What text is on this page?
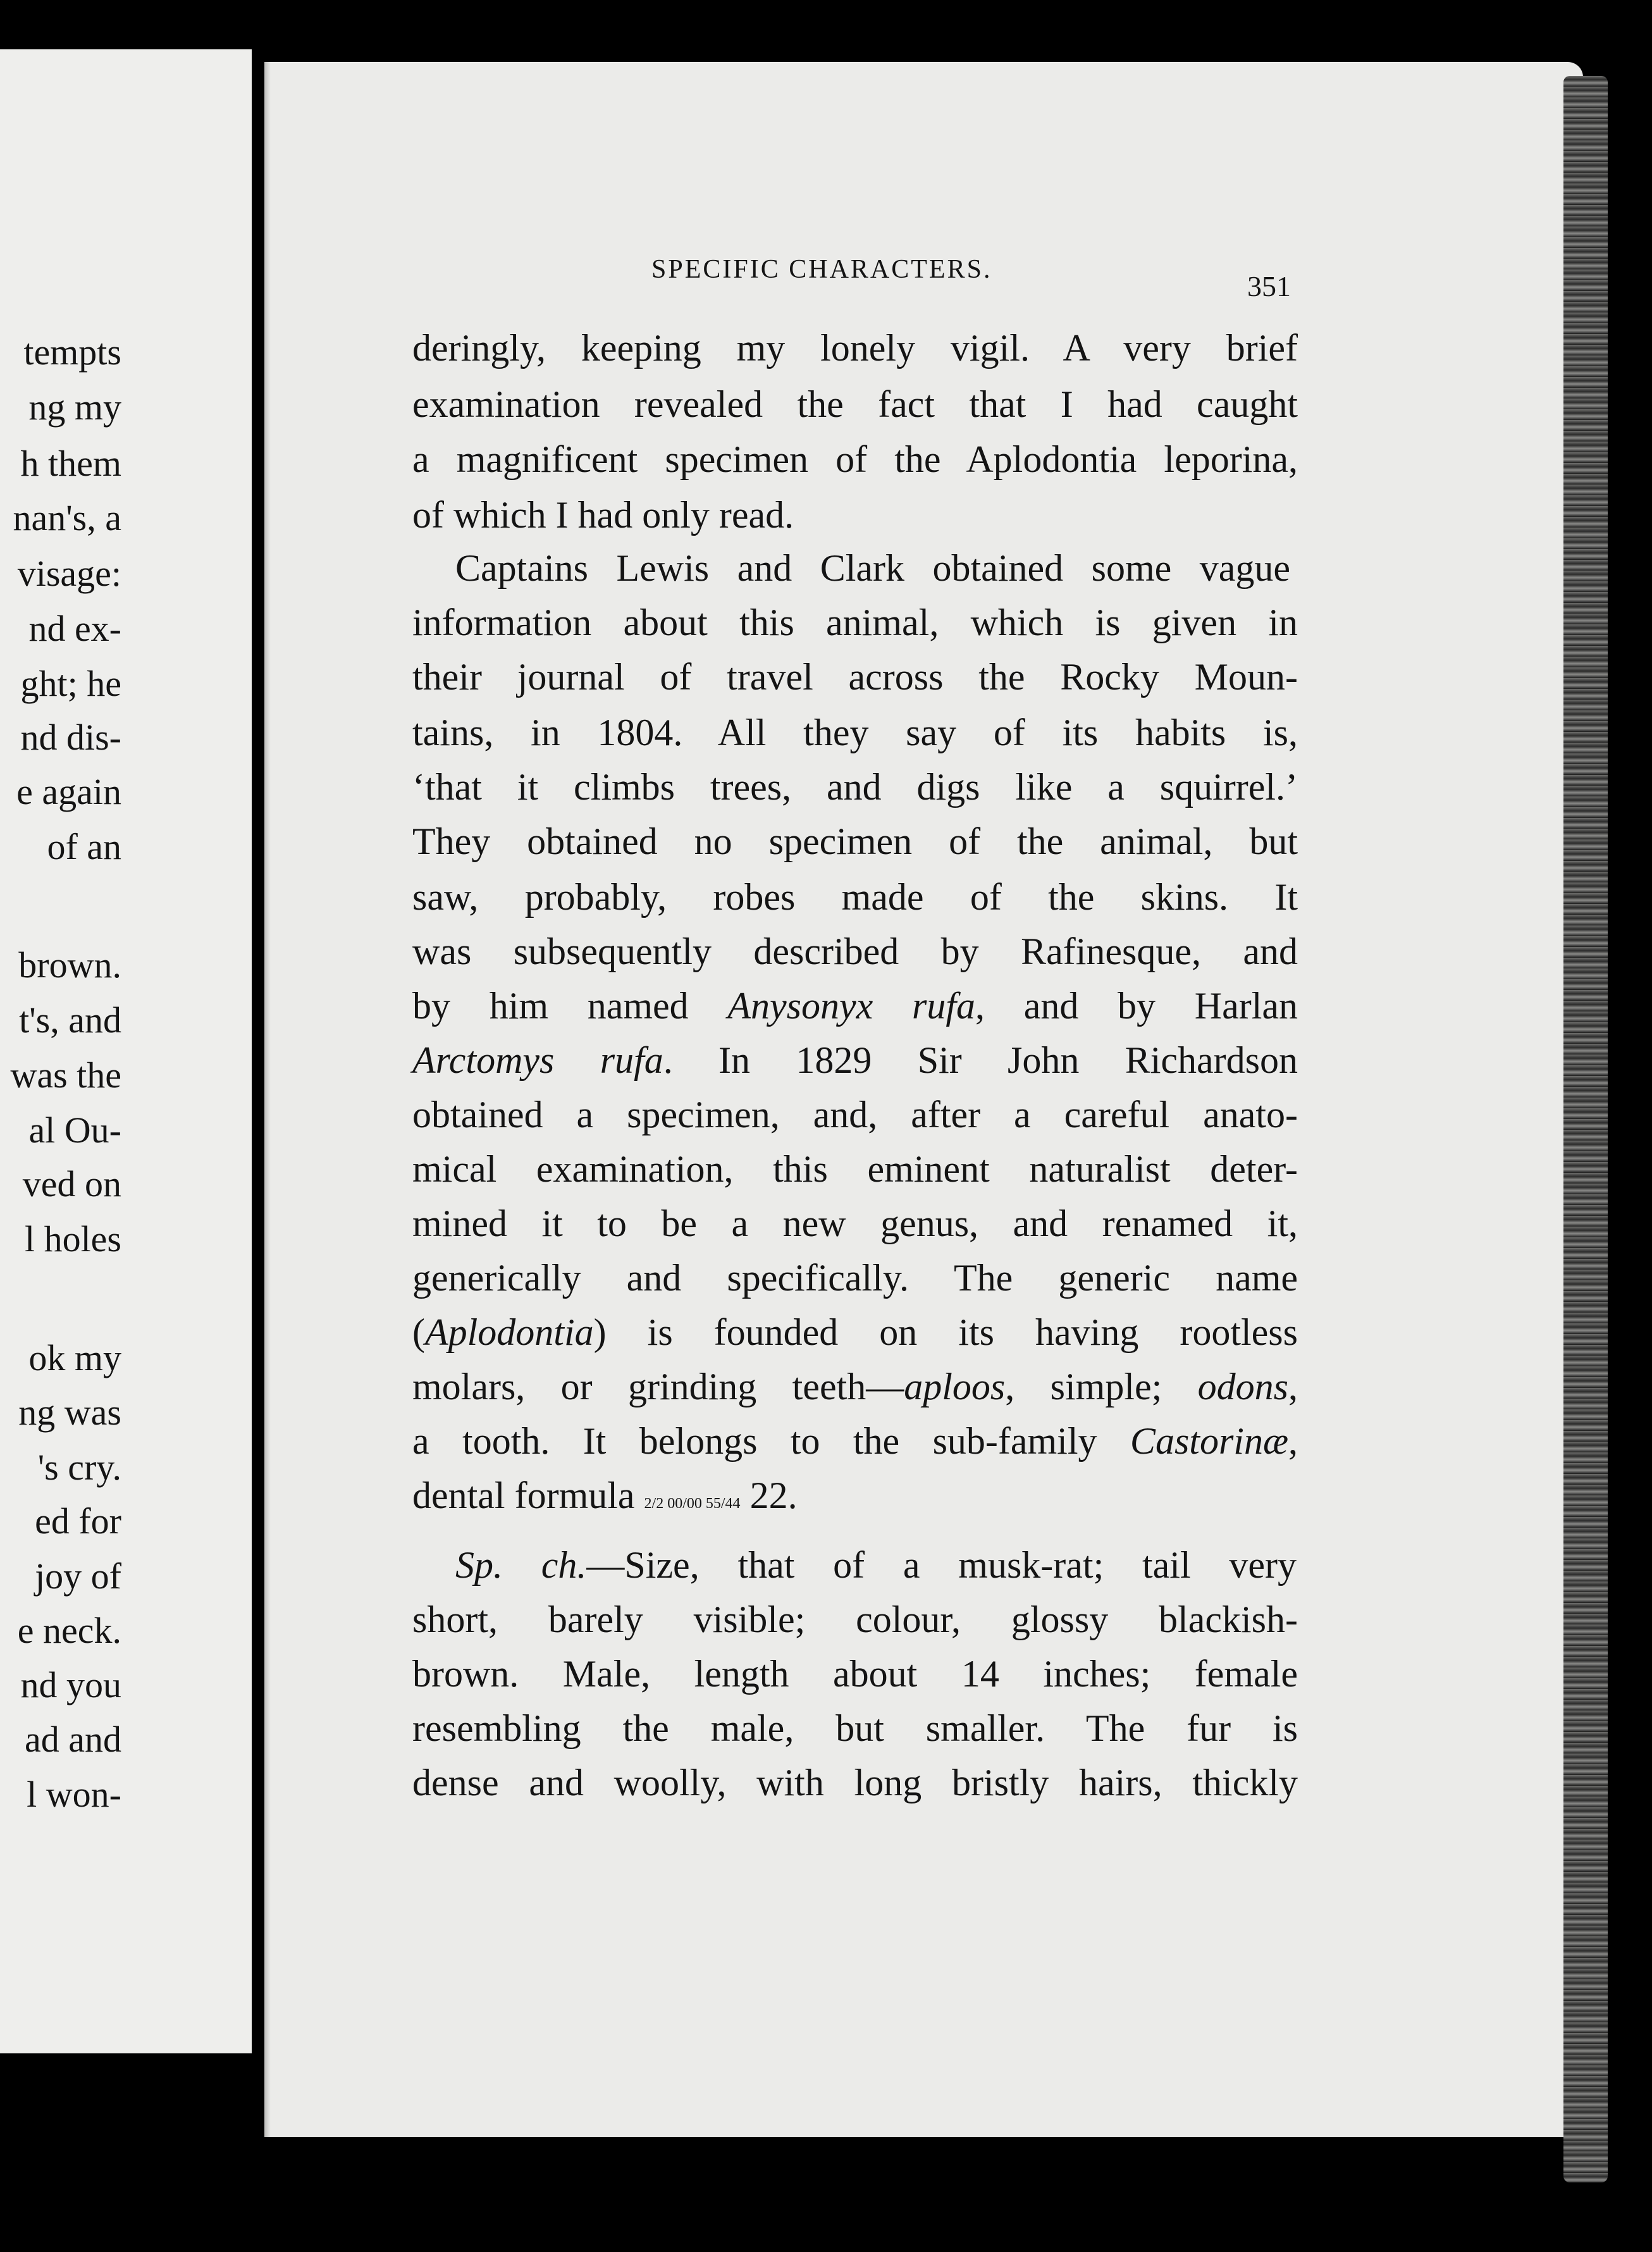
tempts
ng my
h them
nan's, a
visage:
nd ex-
ght; he
nd dis-
e again
of an
brown.
t's, and
was the
al Ou-
ved on
l holes
ok my
ng was
's cry.
ed for
joy of
e neck.
nd you
ad and
l won-
SPECIFIC CHARACTERS.
351
deringly, keeping my lonely vigil. A very brief
examination revealed the fact that I had caught
a magnificent specimen of the Aplodontia leporina,
of which I had only read.
Captains Lewis and Clark obtained some vague
information about this animal, which is given in
their journal of travel across the Rocky Moun-
tains, in 1804. All they say of its habits is,
‘that it climbs trees, and digs like a squirrel.’
They obtained no specimen of the animal, but
saw, probably, robes made of the skins. It
was subsequently described by Rafinesque, and
by him named Anysonyx rufa, and by Harlan
Arctomys rufa. In 1829 Sir John Richardson
obtained a specimen, and, after a careful anato-
mical examination, this eminent naturalist deter-
mined it to be a new genus, and renamed it,
generically and specifically. The generic name
(Aplodontia) is founded on its having rootless
molars, or grinding teeth—aploos, simple; odons,
a tooth. It belongs to the sub-family Castorinæ,
dental formula 2/2 00/00 55/44 22.
Sp. ch.—Size, that of a musk-rat; tail very
short, barely visible; colour, glossy blackish-
brown. Male, length about 14 inches; female
resembling the male, but smaller. The fur is
dense and woolly, with long bristly hairs, thickly
